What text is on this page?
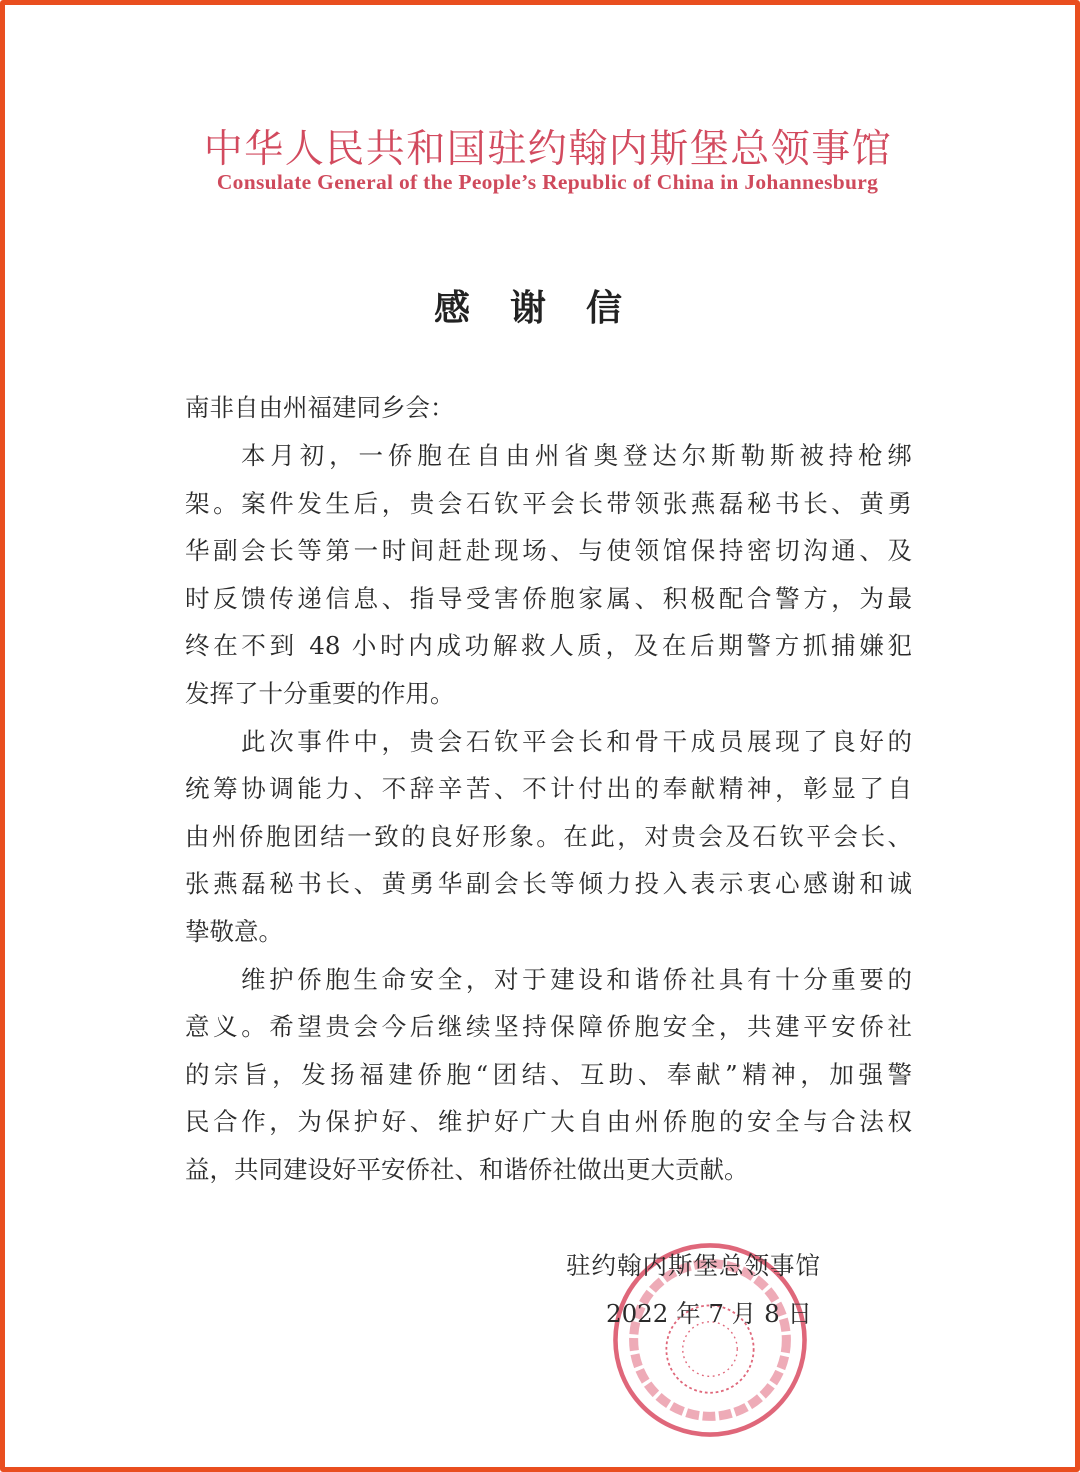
中华人民共和国驻约翰内斯堡总领事馆
Consulate General of the People’s Republic of China in Johannesburg
感谢信
南非自由州福建同乡会：
本月初，一侨胞在自由州省奥登达尔斯勒斯被持枪绑
架。案件发生后，贵会石钦平会长带领张燕磊秘书长、黄勇
华副会长等第一时间赶赴现场、与使领馆保持密切沟通、及
时反馈传递信息、指导受害侨胞家属、积极配合警方，为最
终在不到 48 小时内成功解救人质，及在后期警方抓捕嫌犯
发挥了十分重要的作用。
此次事件中，贵会石钦平会长和骨干成员展现了良好的
统筹协调能力、不辞辛苦、不计付出的奉献精神，彰显了自
由州侨胞团结一致的良好形象。在此，对贵会及石钦平会长、
张燕磊秘书长、黄勇华副会长等倾力投入表示衷心感谢和诚
挚敬意。
维护侨胞生命安全，对于建设和谐侨社具有十分重要的
意义。希望贵会今后继续坚持保障侨胞安全，共建平安侨社
的宗旨，发扬福建侨胞“团结、互助、奉献”精神，加强警
民合作，为保护好、维护好广大自由州侨胞的安全与合法权
益，共同建设好平安侨社、和谐侨社做出更大贡献。
驻约翰内斯堡总领事馆
2022 年 7 月 8 日
